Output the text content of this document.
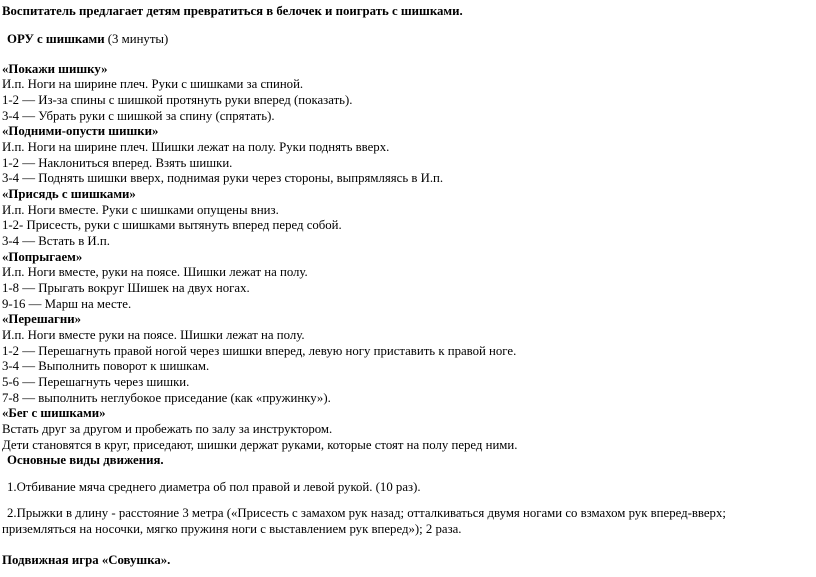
Воспитатель предлагает детям превратиться в белочек и поиграть с шишками.
ОРУ с шишками (3 минуты)
«Покажи шишку»
И.п. Ноги на ширине плеч. Руки с шишками за спиной.
1-2 — Из-за спины с шишкой протянуть руки вперед (показать).
3-4 — Убрать руки с шишкой за спину (спрятать).
«Подними-опусти шишки»
И.п. Ноги на ширине плеч. Шишки лежат на полу. Руки поднять вверх.
1-2 — Наклониться вперед. Взять шишки.
3-4 — Поднять шишки вверх, поднимая руки через стороны, выпрямляясь в И.п.
«Присядь с шишками»
И.п. Ноги вместе. Руки с шишками опущены вниз.
1-2- Присесть, руки с шишками вытянуть вперед перед собой.
3-4 — Встать в И.п.
«Попрыгаем»
И.п. Ноги вместе, руки на поясе. Шишки лежат на полу.
1-8 — Прыгать вокруг Шишек на двух ногах.
9-16 — Марш на месте.
«Перешагни»
И.п. Ноги вместе руки на поясе. Шишки лежат на полу.
1-2 — Перешагнуть правой ногой через шишки вперед, левую ногу приставить к правой ноге.
3-4 — Выполнить поворот к шишкам.
5-6 — Перешагнуть через шишки.
7-8 — выполнить неглубокое приседание (как «пружинку»).
«Бег с шишками»
Встать друг за другом и пробежать по залу за инструктором.
Дети становятся в круг, приседают, шишки держат руками, которые стоят на полу перед ними.
Основные виды движения.
1.Отбивание мяча среднего диаметра об пол правой и левой рукой. (10 раз).
2.Прыжки в длину - расстояние 3 метра («Присесть с замахом рук назад; отталкиваться двумя ногами со взмахом рук вперед-вверх; приземляться на носочки, мягко пружиня ноги с выставлением рук вперед»); 2 раза.
Подвижная игра «Совушка».
